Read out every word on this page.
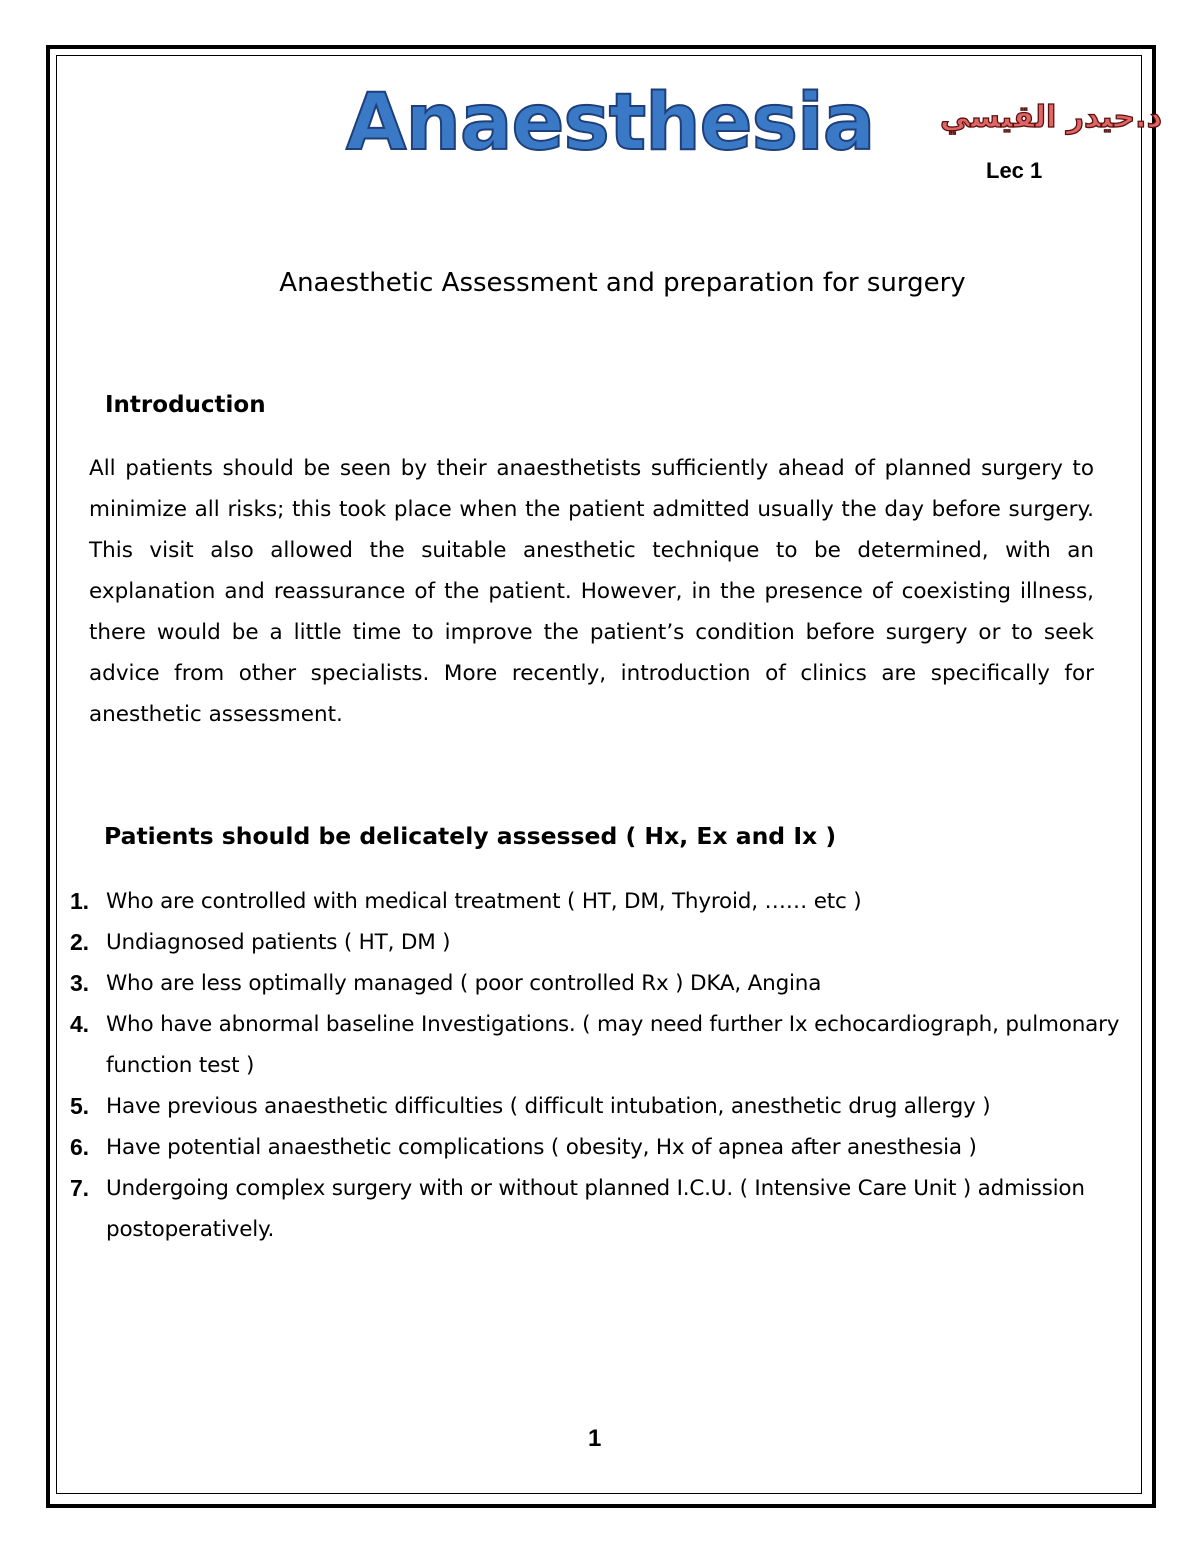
Anaesthesia د.حيدر القيسي
Lec 1
Anaesthetic Assessment and preparation for surgery
Introduction

All patients should be seen by their anaesthetists sufficiently ahead of planned surgery to minimize all risks; this took place when the patient admitted usually the day before surgery. This visit also allowed the suitable anesthetic technique to be determined, with an explanation and reassurance of the patient. However, in the presence of coexisting illness, there would be a little time to improve the patient’s condition before surgery or to seek advice from other specialists. More recently, introduction of clinics are specifically for anesthetic assessment.

Patients should be delicately assessed ( Hx, Ex and Ix )
1. Who are controlled with medical treatment ( HT, DM, Thyroid, …… etc )
2. Undiagnosed patients ( HT, DM )
3. Who are less optimally managed ( poor controlled Rx ) DKA, Angina
4. Who have abnormal baseline Investigations. ( may need further Ix echocardiograph, pulmonary function test )
5. Have previous anaesthetic difficulties ( difficult intubation, anesthetic drug allergy )
6. Have potential anaesthetic complications ( obesity, Hx of apnea after anesthesia )
7. Undergoing complex surgery with or without planned I.C.U. ( Intensive Care Unit ) admission postoperatively.
1
